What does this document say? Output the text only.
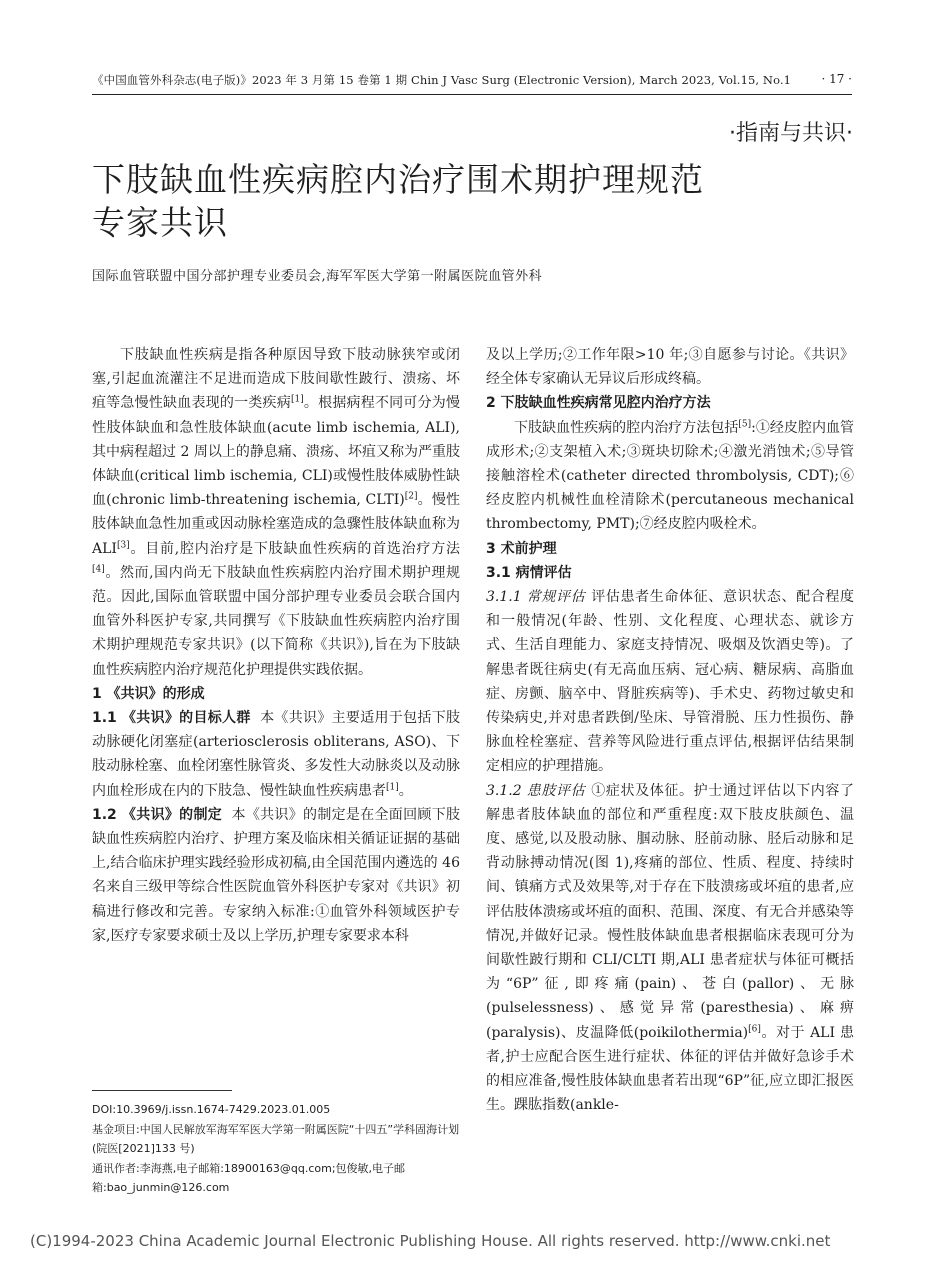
《中国血管外科杂志(电子版)》2023 年 3 月第 15 卷第 1 期 Chin J Vasc Surg (Electronic Version), March 2023, Vol.15, No.1	· 17 ·
·指南与共识·
下肢缺血性疾病腔内治疗围术期护理规范
专家共识
国际血管联盟中国分部护理专业委员会,海军军医大学第一附属医院血管外科

下肢缺血性疾病是指各种原因导致下肢动脉狭窄或闭塞,引起血流灌注不足进而造成下肢间歇性跛行、溃疡、坏疽等急慢性缺血表现的一类疾病[1]。根据病程不同可分为慢性肢体缺血和急性肢体缺血(acute limb ischemia, ALI),其中病程超过 2 周以上的静息痛、溃疡、坏疽又称为严重肢体缺血(critical limb ischemia, CLI)或慢性肢体威胁性缺血(chronic limb-threatening ischemia, CLTI)[2]。慢性肢体缺血急性加重或因动脉栓塞造成的急骤性肢体缺血称为 ALI[3]。目前,腔内治疗是下肢缺血性疾病的首选治疗方法[4]。然而,国内尚无下肢缺血性疾病腔内治疗围术期护理规范。因此,国际血管联盟中国分部护理专业委员会联合国内血管外科医护专家,共同撰写《下肢缺血性疾病腔内治疗围术期护理规范专家共识》(以下简称《共识》),旨在为下肢缺血性疾病腔内治疗规范化护理提供实践依据。

1 《共识》的形成

1.1 《共识》的目标人群 本《共识》主要适用于包括下肢动脉硬化闭塞症(arteriosclerosis obliterans, ASO)、下肢动脉栓塞、血栓闭塞性脉管炎、多发性大动脉炎以及动脉内血栓形成在内的下肢急、慢性缺血性疾病患者[1]。

1.2 《共识》的制定 本《共识》的制定是在全面回顾下肢缺血性疾病腔内治疗、护理方案及临床相关循证证据的基础上,结合临床护理实践经验形成初稿,由全国范围内遴选的 46 名来自三级甲等综合性医院血管外科医护专家对《共识》初稿进行修改和完善。专家纳入标准:①血管外科领域医护专家,医疗专家要求硕士及以上学历,护理专家要求本科

及以上学历;②工作年限>10 年;③自愿参与讨论。《共识》经全体专家确认无异议后形成终稿。

2 下肢缺血性疾病常见腔内治疗方法

下肢缺血性疾病的腔内治疗方法包括[5]:①经皮腔内血管成形术;②支架植入术;③斑块切除术;④激光消蚀术;⑤导管接触溶栓术(catheter directed thrombolysis, CDT);⑥经皮腔内机械性血栓清除术(percutaneous mechanical thrombectomy, PMT);⑦经皮腔内吸栓术。

3 术前护理

3.1 病情评估

3.1.1 常规评估 评估患者生命体征、意识状态、配合程度和一般情况(年龄、性别、文化程度、心理状态、就诊方式、生活自理能力、家庭支持情况、吸烟及饮酒史等)。了解患者既往病史(有无高血压病、冠心病、糖尿病、高脂血症、房颤、脑卒中、肾脏疾病等)、手术史、药物过敏史和传染病史,并对患者跌倒/坠床、导管滑脱、压力性损伤、静脉血栓栓塞症、营养等风险进行重点评估,根据评估结果制定相应的护理措施。

3.1.2 患肢评估 ①症状及体征。护士通过评估以下内容了解患者肢体缺血的部位和严重程度:双下肢皮肤颜色、温度、感觉,以及股动脉、腘动脉、胫前动脉、胫后动脉和足背动脉搏动情况(图 1),疼痛的部位、性质、程度、持续时间、镇痛方式及效果等,对于存在下肢溃疡或坏疽的患者,应评估肢体溃疡或坏疽的面积、范围、深度、有无合并感染等情况,并做好记录。慢性肢体缺血患者根据临床表现可分为间歇性跛行期和 CLI/CLTI 期,ALI 患者症状与体征可概括为“6P”征,即疼痛(pain)、苍白(pallor)、无脉(pulselessness)、感觉异常(paresthesia)、麻痹(paralysis)、皮温降低(poikilothermia)[6]。对于 ALI 患者,护士应配合医生进行症状、体征的评估并做好急诊手术的相应准备,慢性肢体缺血患者若出现“6P”征,应立即汇报医生。踝肱指数(ankle-

DOI:10.3969/j.issn.1674-7429.2023.01.005
基金项目:中国人民解放军海军军医大学第一附属医院“十四五”学科固海计划(院医[2021]133 号)
通讯作者:李海燕,电子邮箱:18900163@qq.com;包俊敏,电子邮箱:bao_junmin@126.com
(C)1994-2023 China Academic Journal Electronic Publishing House. All rights reserved. http://www.cnki.net
